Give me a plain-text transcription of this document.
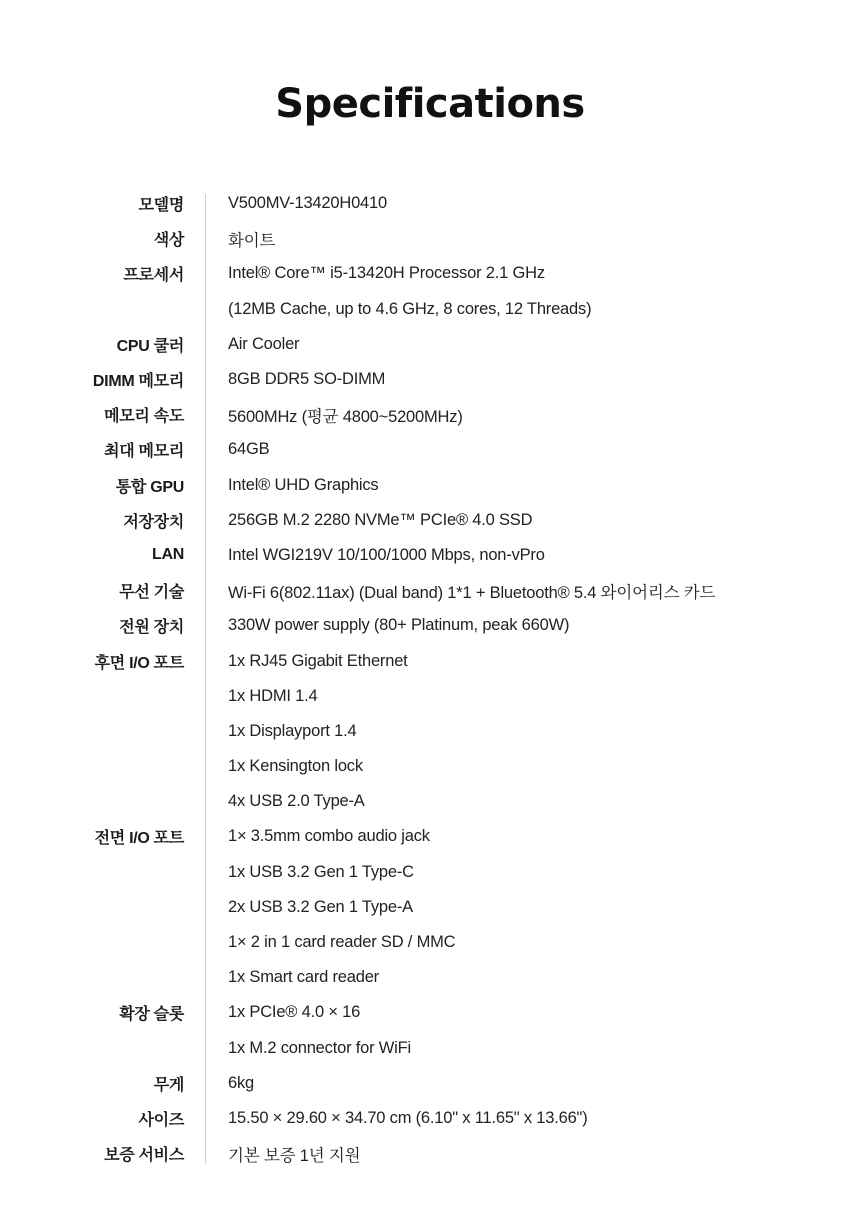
Specifications
모델명	V500MV-13420H0410
색상	화이트
프로세서	Intel® Core™ i5-13420H Processor 2.1 GHz
(12MB Cache, up to 4.6 GHz, 8 cores, 12 Threads)
CPU 쿨러	Air Cooler
DIMM 메모리	8GB DDR5 SO-DIMM
메모리 속도	5600MHz (평균 4800~5200MHz)
최대 메모리	64GB
통합 GPU	Intel® UHD Graphics
저장장치	256GB M.2 2280 NVMe™ PCIe® 4.0 SSD
LAN	Intel WGI219V 10/100/1000 Mbps, non-vPro
무선 기술	Wi-Fi 6(802.11ax) (Dual band) 1*1 + Bluetooth® 5.4 와이어리스 카드
전원 장치	330W power supply (80+ Platinum, peak 660W)
후면 I/O 포트	1x RJ45 Gigabit Ethernet
1x HDMI 1.4
1x Displayport 1.4
1x Kensington lock
4x USB 2.0 Type-A
전면 I/O 포트	1× 3.5mm combo audio jack
1x USB 3.2 Gen 1 Type-C
2x USB 3.2 Gen 1 Type-A
1× 2 in 1 card reader SD / MMC
1x Smart card reader
확장 슬롯	1x PCIe® 4.0 × 16
1x M.2 connector for WiFi
무게	6kg
사이즈	15.50 × 29.60 × 34.70 cm (6.10" x 11.65" x 13.66")
보증 서비스	기본 보증 1년 지원
